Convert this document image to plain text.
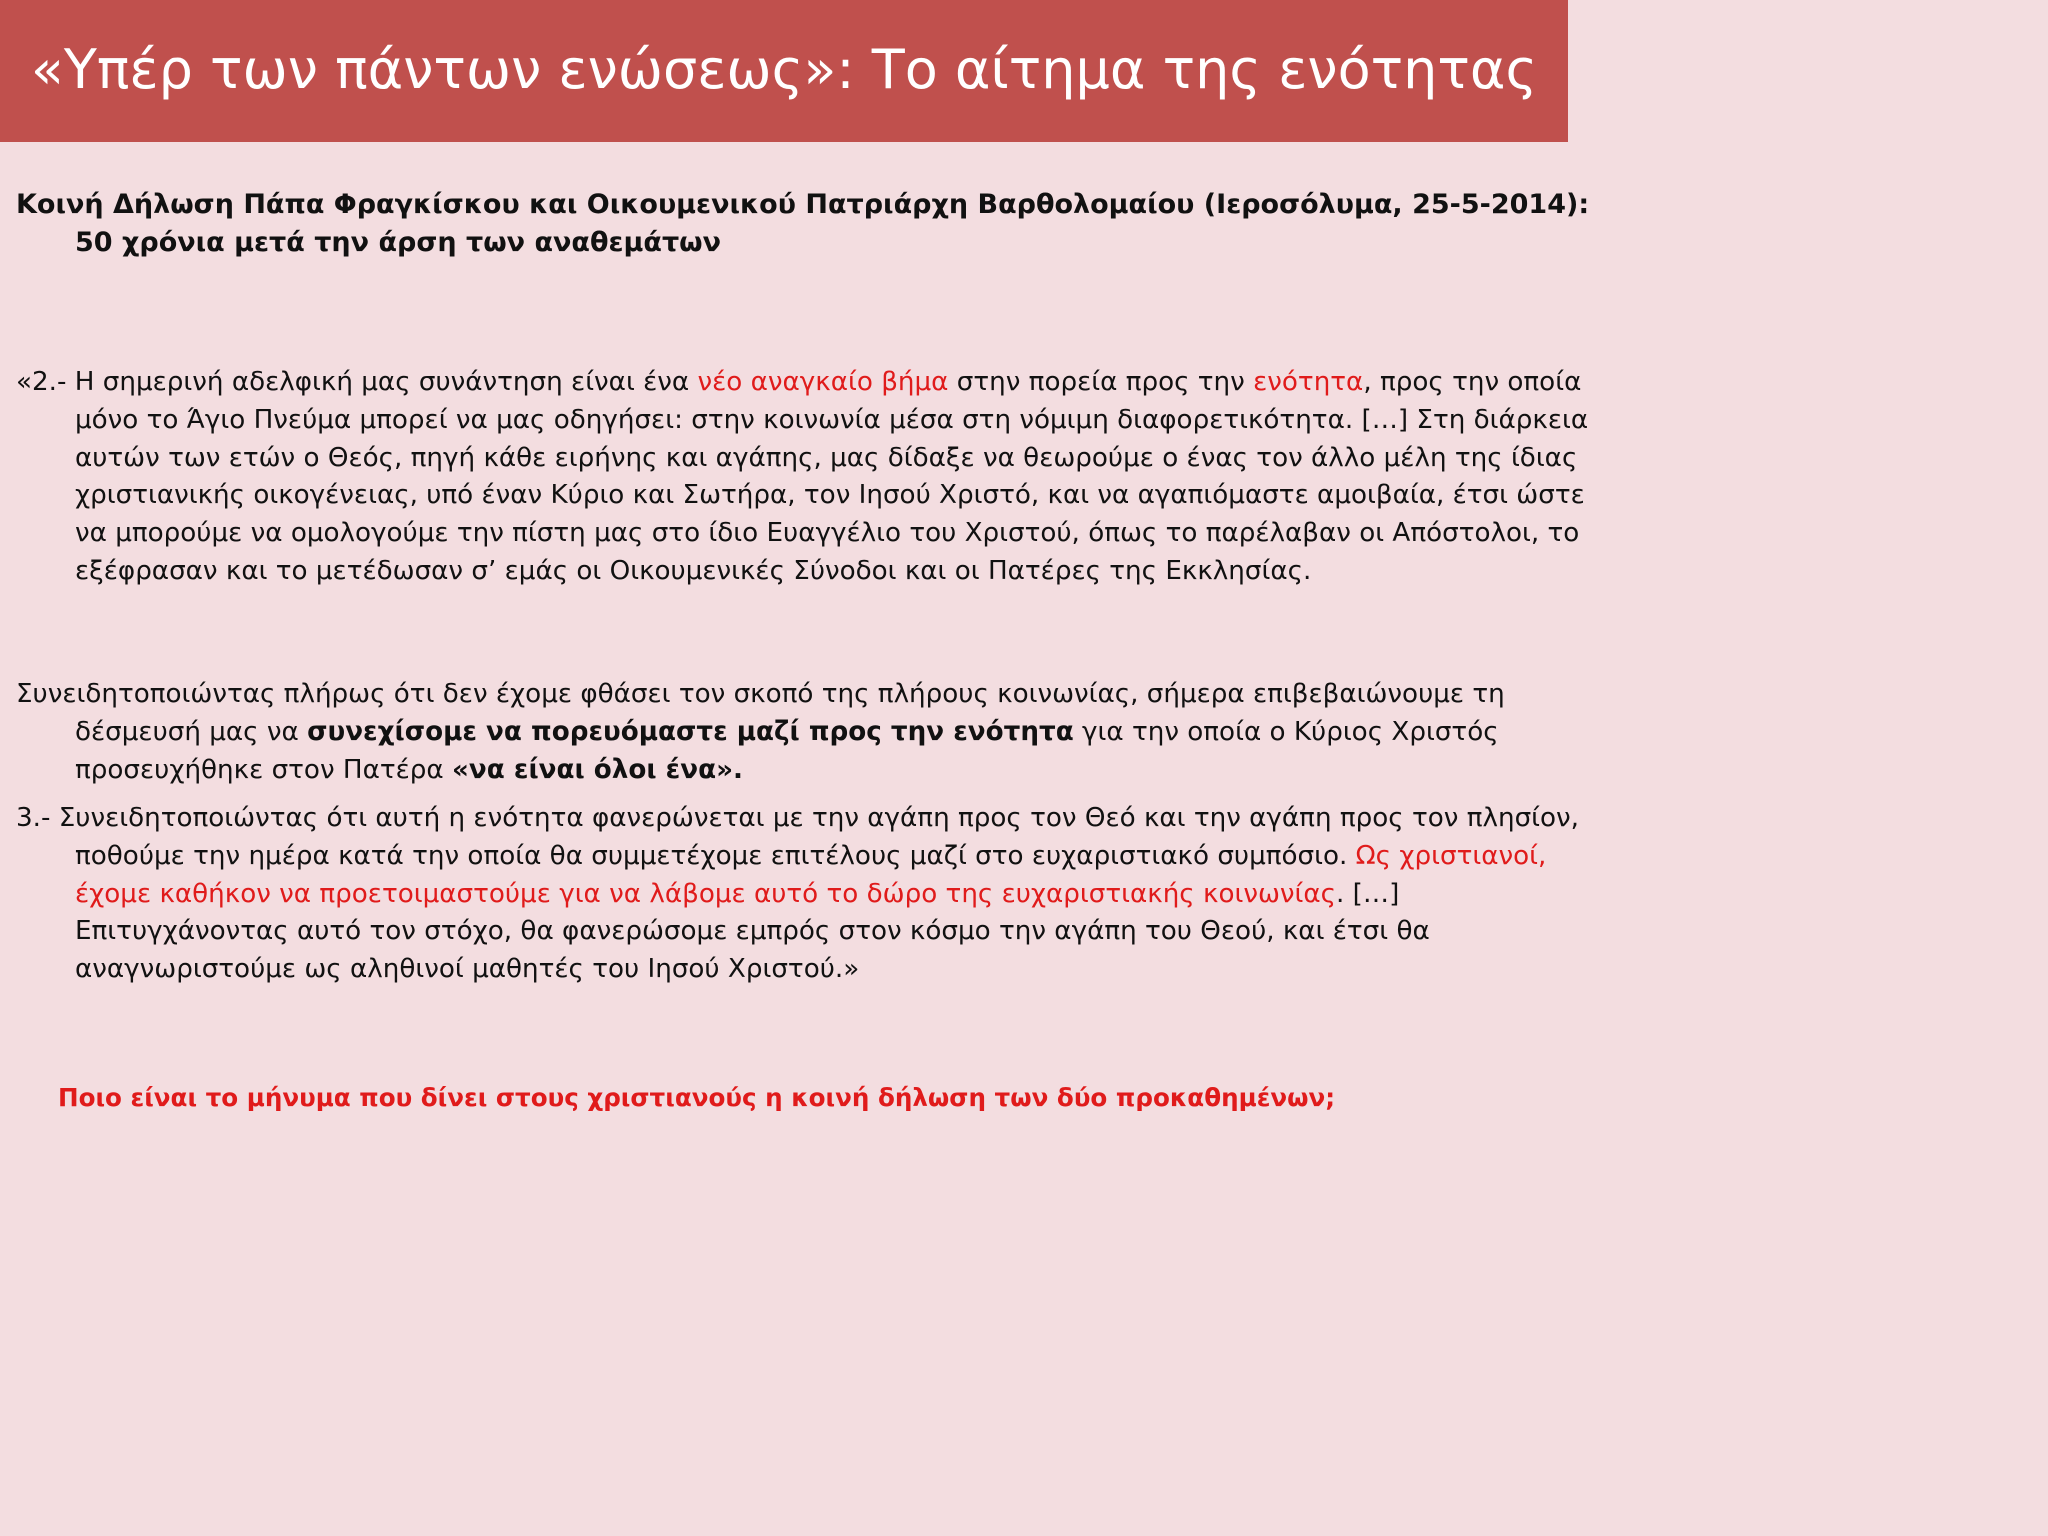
«Υπέρ των πάντων ενώσεως»: Το αίτημα της ενότητας
Κοινή Δήλωση Πάπα Φραγκίσκου και Οικουμενικού Πατριάρχη Βαρθολομαίου (Ιεροσόλυμα, 25-5-2014): 50 χρόνια μετά την άρση των αναθεμάτων
«2.- Η σημερινή αδελφική μας συνάντηση είναι ένα νέο αναγκαίο βήμα στην πορεία προς την ενότητα, προς την οποία μόνο το Άγιο Πνεύμα μπορεί να μας οδηγήσει: στην κοινωνία μέσα στη νόμιμη διαφορετικότητα. […] Στη διάρκεια αυτών των ετών ο Θεός, πηγή κάθε ειρήνης και αγάπης, μας δίδαξε να θεωρούμε ο ένας τον άλλο μέλη της ίδιας χριστιανικής οικογένειας, υπό έναν Κύριο και Σωτήρα, τον Ιησού Χριστό, και να αγαπιόμαστε αμοιβαία, έτσι ώστε να μπορούμε να ομολογούμε την πίστη μας στο ίδιο Ευαγγέλιο του Χριστού, όπως το παρέλαβαν οι Απόστολοι, το εξέφρασαν και το μετέδωσαν σ’ εμάς οι Οικουμενικές Σύνοδοι και οι Πατέρες της Εκκλησίας.
Συνειδητοποιώντας πλήρως ότι δεν έχομε φθάσει τον σκοπό της πλήρους κοινωνίας, σήμερα επιβεβαιώνουμε τη δέσμευσή μας να συνεχίσομε να πορευόμαστε μαζί προς την ενότητα για την οποία ο Κύριος Χριστός προσευχήθηκε στον Πατέρα «να είναι όλοι ένα».
3.- Συνειδητοποιώντας ότι αυτή η ενότητα φανερώνεται με την αγάπη προς τον Θεό και την αγάπη προς τον πλησίον, ποθούμε την ημέρα κατά την οποία θα συμμετέχομε επιτέλους μαζί στο ευχαριστιακό συμπόσιο. Ως χριστιανοί, έχομε καθήκον να προετοιμαστούμε για να λάβομε αυτό το δώρο της ευχαριστιακής κοινωνίας. […] Επιτυγχάνοντας αυτό τον στόχο, θα φανερώσομε εμπρός στον κόσμο την αγάπη του Θεού, και έτσι θα αναγνωριστούμε ως αληθινοί μαθητές του Ιησού Χριστού.»
Ποιο είναι το μήνυμα που δίνει στους χριστιανούς η κοινή δήλωση των δύο προκαθημένων;
